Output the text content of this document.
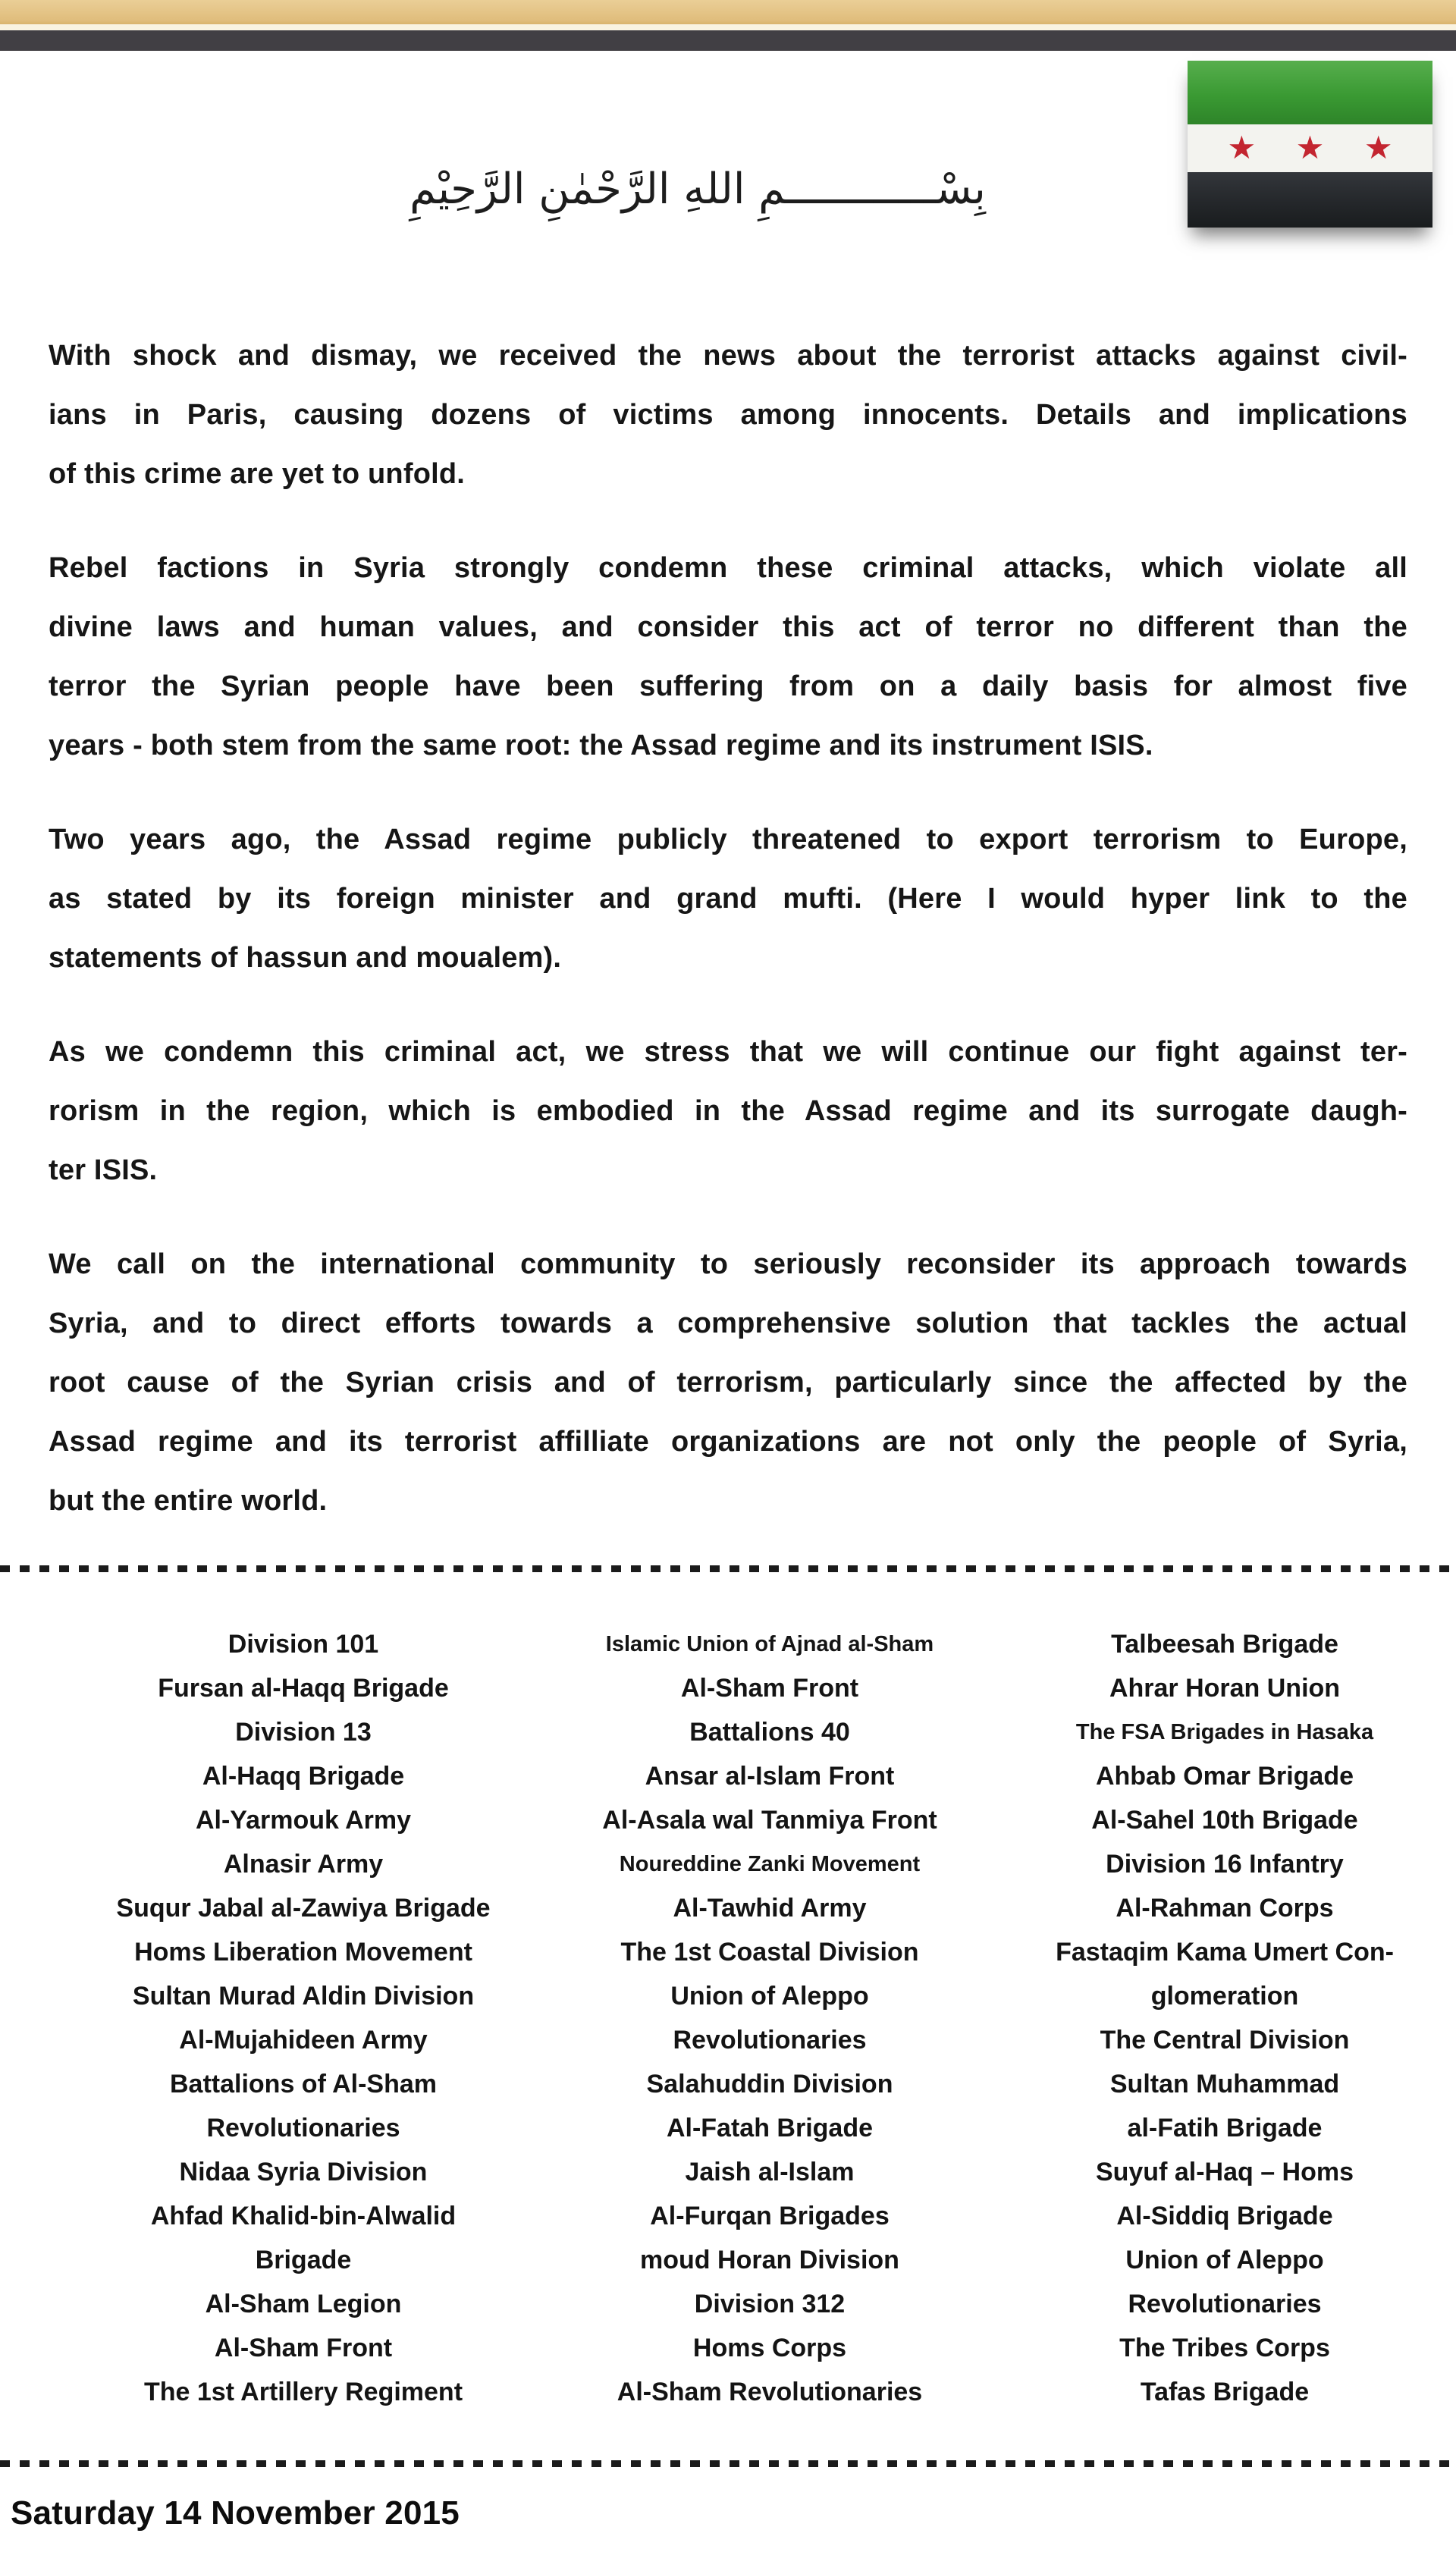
بِسْــــــــــــمِ اللهِ الرَّحْمٰنِ الرَّحِيْمِ
★ ★ ★
With shock and dismay, we received the news about the terrorist attacks against civil-
ians in Paris, causing dozens of victims among innocents. Details and implications
of this crime are yet to unfold.
Rebel factions in Syria strongly condemn these criminal attacks, which violate all
divine laws and human values, and consider this act of terror no different than the
terror the Syrian people have been suffering from on a daily basis for almost five
years - both stem from the same root: the Assad regime and its instrument ISIS.
Two years ago, the Assad regime publicly threatened to export terrorism to Europe,
as stated by its foreign minister and grand mufti. (Here I would hyper link to the
statements of hassun and moualem).
As we condemn this criminal act, we stress that we will continue our fight against ter-
rorism in the region, which is embodied in the Assad regime and its surrogate daugh-
ter ISIS.
We call on the international community to seriously reconsider its approach towards
Syria, and to direct efforts towards a comprehensive solution that tackles the actual
root cause of the Syrian crisis and of terrorism, particularly since the affected by the
Assad regime and its terrorist affilliate organizations are not only the people of Syria,
but the entire world.
Division 101
Fursan al-Haqq Brigade
Division 13
Al-Haqq Brigade
Al-Yarmouk Army
Alnasir Army
Suqur Jabal al-Zawiya Brigade
Homs Liberation Movement
Sultan Murad Aldin Division
Al-Mujahideen Army
Battalions of Al-Sham
Revolutionaries
Nidaa Syria Division
Ahfad Khalid-bin-Alwalid
Brigade
Al-Sham Legion
Al-Sham Front
The 1st Artillery Regiment
Islamic Union of Ajnad al-Sham
Al-Sham Front
Battalions 40
Ansar al-Islam Front
Al-Asala wal Tanmiya Front
Noureddine Zanki Movement
Al-Tawhid Army
The 1st Coastal Division
Union of Aleppo
Revolutionaries
Salahuddin Division
Al-Fatah Brigade
Jaish al-Islam
Al-Furqan Brigades
moud Horan Division
Division 312
Homs Corps
Al-Sham Revolutionaries
Talbeesah Brigade
Ahrar Horan Union
The FSA Brigades in Hasaka
Ahbab Omar Brigade
Al-Sahel 10th Brigade
Division 16 Infantry
Al-Rahman Corps
Fastaqim Kama Umert Con-
glomeration
The Central Division
Sultan Muhammad
al-Fatih Brigade
Suyuf al-Haq – Homs
Al-Siddiq Brigade
Union of Aleppo
Revolutionaries
The Tribes Corps
Tafas Brigade
Saturday 14 November 2015
